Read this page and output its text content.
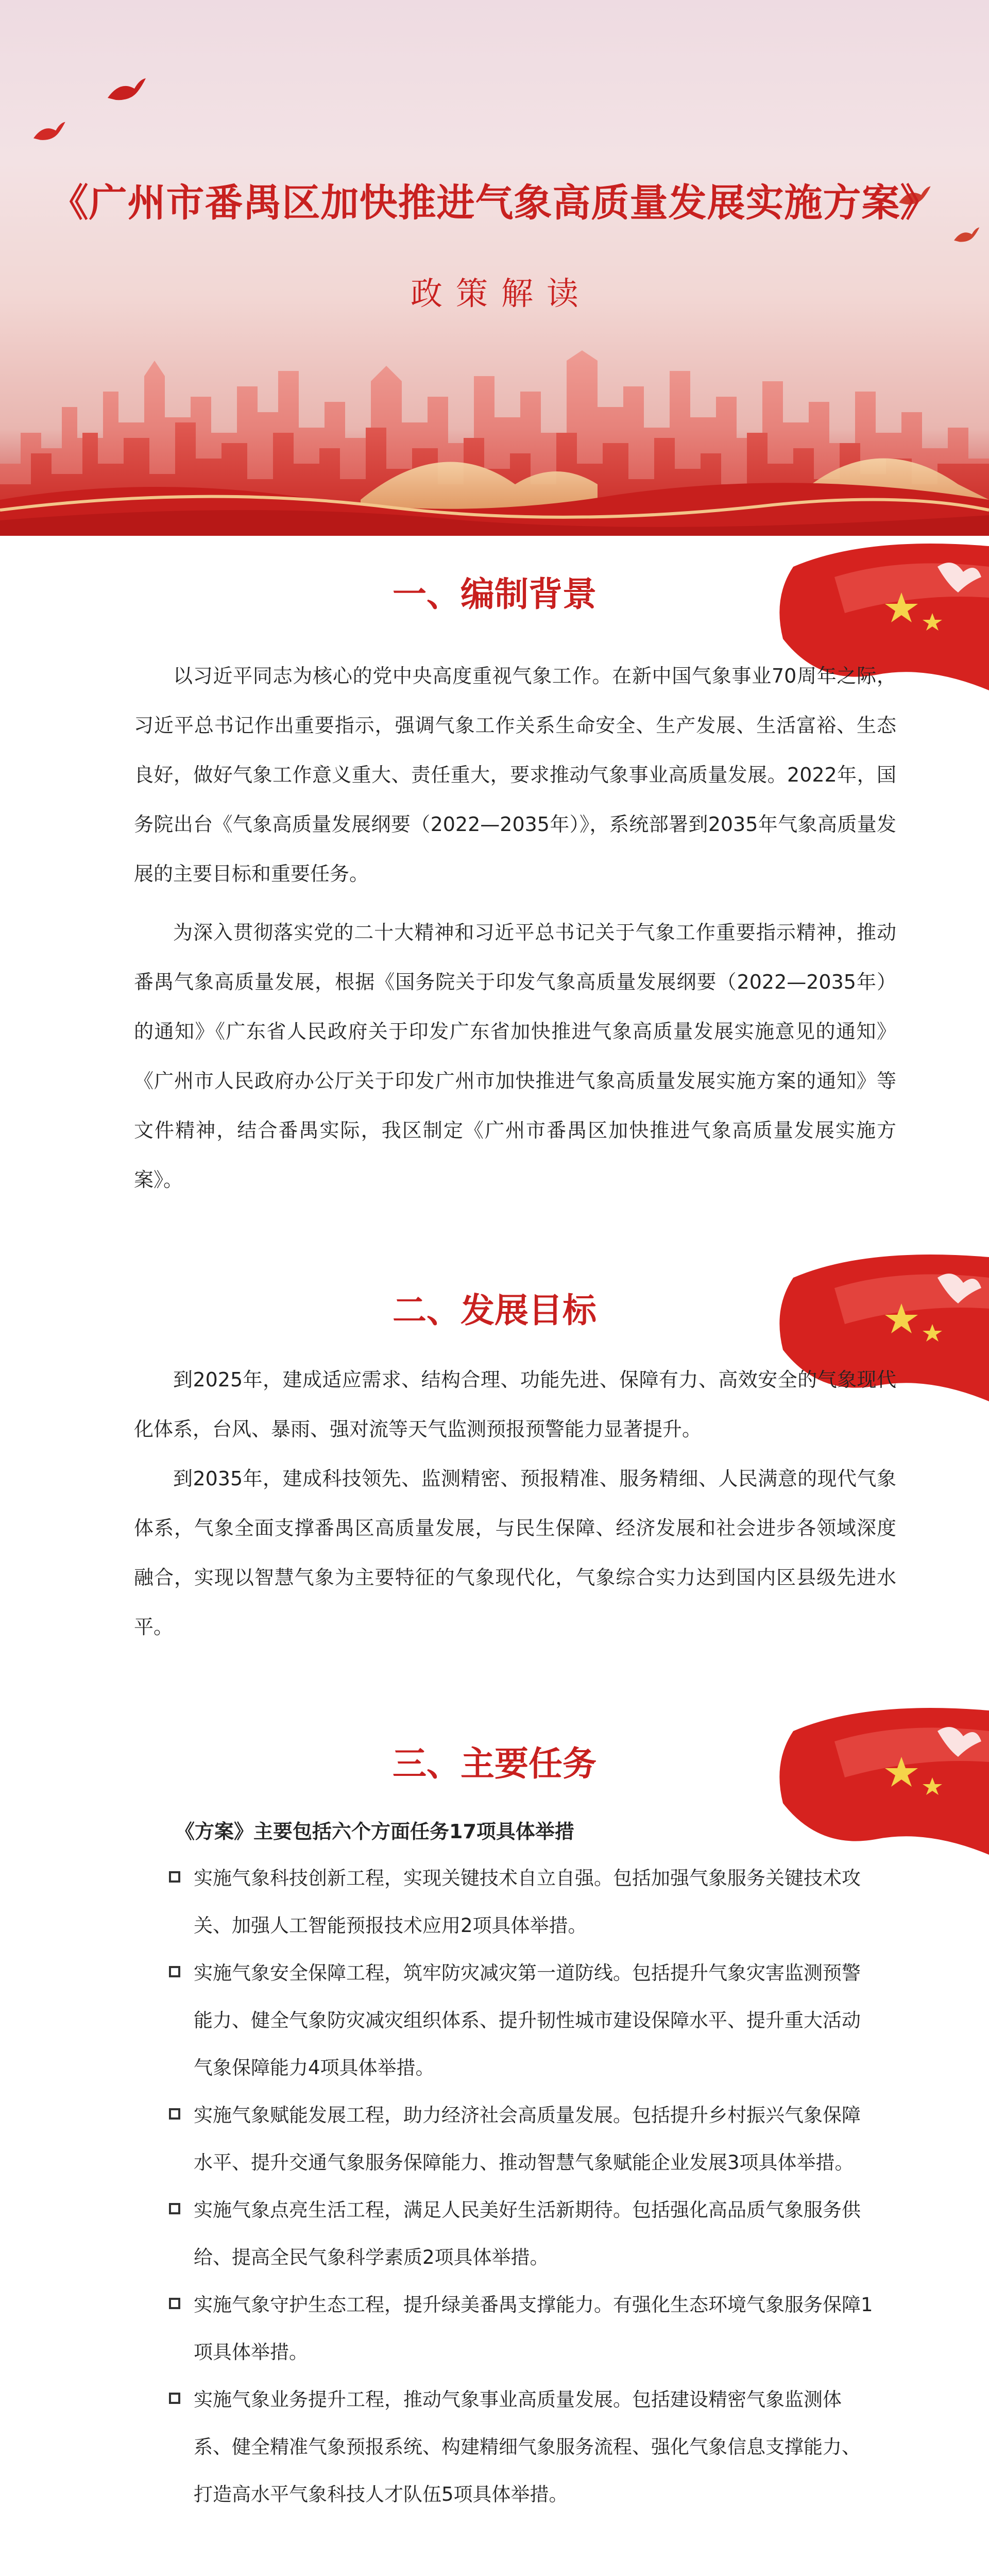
《广州市番禺区加快推进气象高质量发展实施方案》
政策解读
一、编制背景

以习近平同志为核心的党中央高度重视气象工作。在新中国气象事业70周年之际，习近平总书记作出重要指示，强调气象工作关系生命安全、生产发展、生活富裕、生态良好，做好气象工作意义重大、责任重大，要求推动气象事业高质量发展。2022年，国务院出台《气象高质量发展纲要（2022—2035年）》，系统部署到2035年气象高质量发展的主要目标和重要任务。

为深入贯彻落实党的二十大精神和习近平总书记关于气象工作重要指示精神，推动番禺气象高质量发展，根据《国务院关于印发气象高质量发展纲要（2022—2035年）的通知》《广东省人民政府关于印发广东省加快推进气象高质量发展实施意见的通知》《广州市人民政府办公厅关于印发广州市加快推进气象高质量发展实施方案的通知》等文件精神，结合番禺实际，我区制定《广州市番禺区加快推进气象高质量发展实施方案》。

二、发展目标

到2025年，建成适应需求、结构合理、功能先进、保障有力、高效安全的气象现代化体系，台风、暴雨、强对流等天气监测预报预警能力显著提升。

到2035年，建成科技领先、监测精密、预报精准、服务精细、人民满意的现代气象体系，气象全面支撑番禺区高质量发展，与民生保障、经济发展和社会进步各领域深度融合，实现以智慧气象为主要特征的气象现代化，气象综合实力达到国内区县级先进水平。

三、主要任务
《方案》主要包括六个方面任务17项具体举措
实施气象科技创新工程，实现关键技术自立自强。包括加强气象服务关键技术攻关、加强人工智能预报技术应用2项具体举措。
实施气象安全保障工程，筑牢防灾减灾第一道防线。包括提升气象灾害监测预警能力、健全气象防灾减灾组织体系、提升韧性城市建设保障水平、提升重大活动气象保障能力4项具体举措。
实施气象赋能发展工程，助力经济社会高质量发展。包括提升乡村振兴气象保障水平、提升交通气象服务保障能力、推动智慧气象赋能企业发展3项具体举措。
实施气象点亮生活工程，满足人民美好生活新期待。包括强化高品质气象服务供给、提高全民气象科学素质2项具体举措。
实施气象守护生态工程，提升绿美番禺支撑能力。有强化生态环境气象服务保障1项具体举措。
实施气象业务提升工程，推动气象事业高质量发展。包括建设精密气象监测体系、健全精准气象预报系统、构建精细气象服务流程、强化气象信息支撑能力、打造高水平气象科技人才队伍5项具体举措。
